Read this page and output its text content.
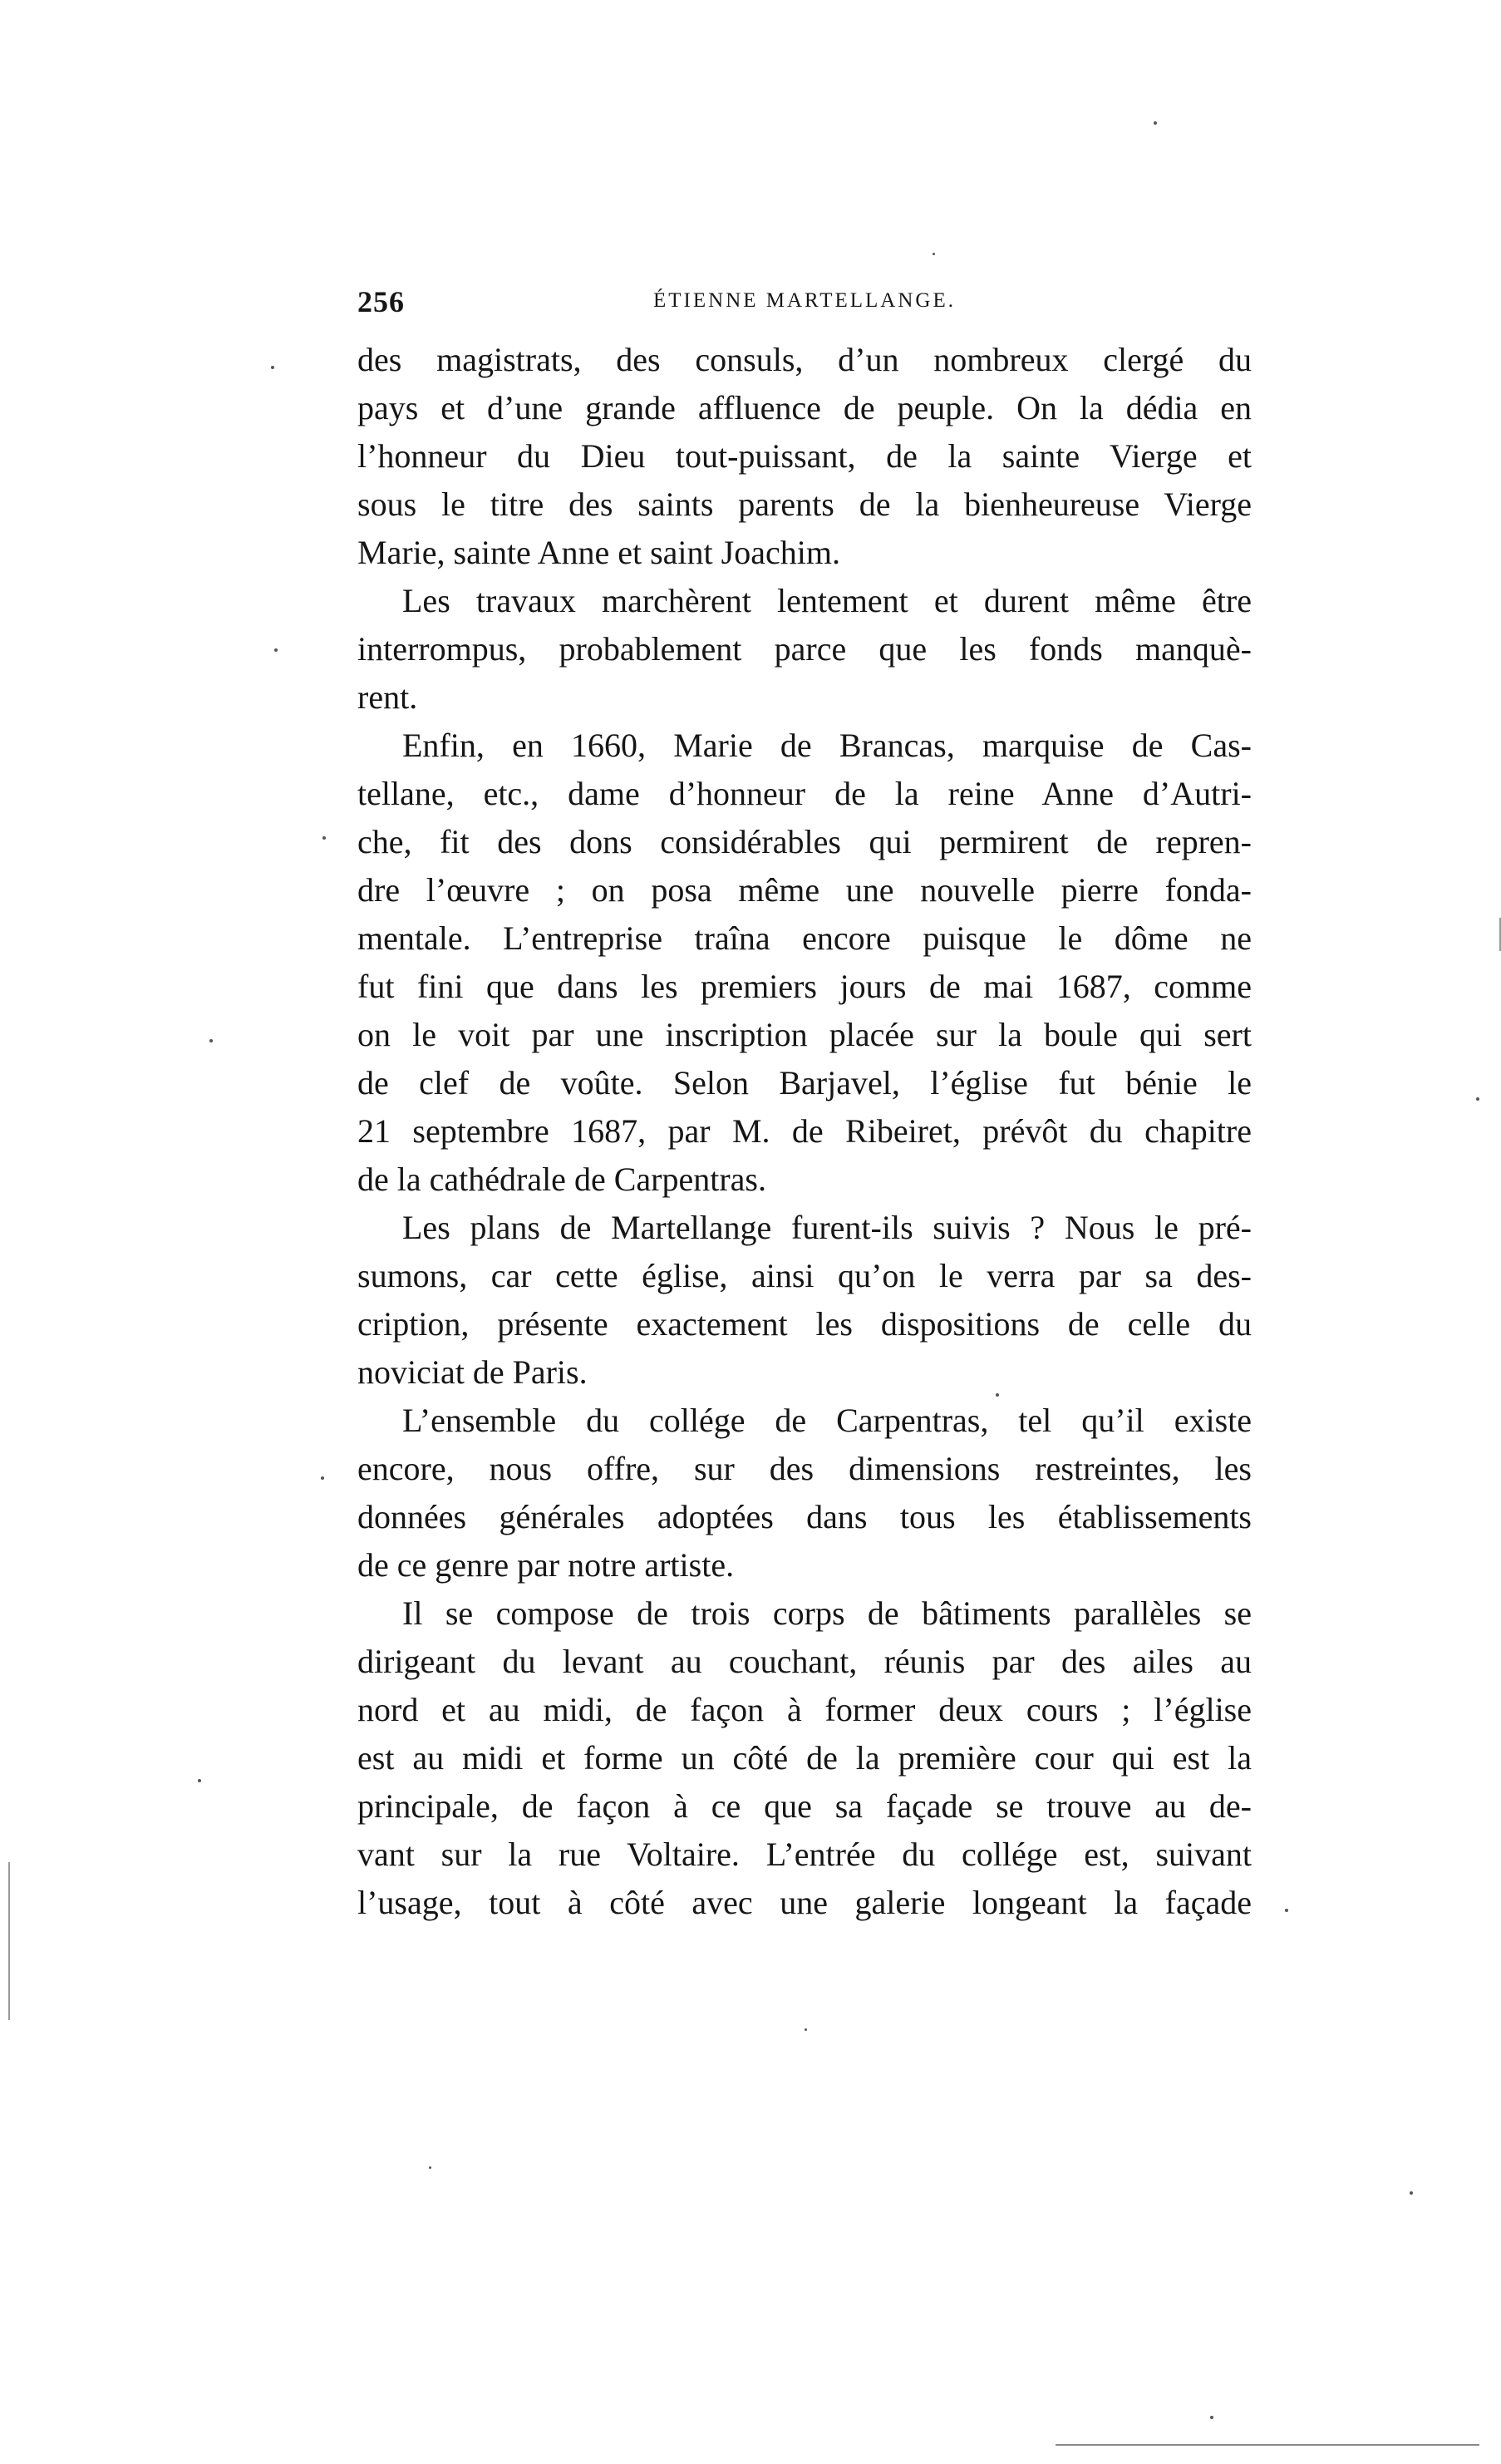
256	ÉTIENNE MARTELLANGE.
des magistrats, des consuls, d’un nombreux clergé du
pays et d’une grande affluence de peuple. On la dédia en
l’honneur du Dieu tout-puissant, de la sainte Vierge et
sous le titre des saints parents de la bienheureuse Vierge
Marie, sainte Anne et saint Joachim.
Les travaux marchèrent lentement et durent même être
interrompus, probablement parce que les fonds manquè-
rent.
Enfin, en 1660, Marie de Brancas, marquise de Cas-
tellane, etc., dame d’honneur de la reine Anne d’Autri-
che, fit des dons considérables qui permirent de repren-
dre l’œuvre ; on posa même une nouvelle pierre fonda-
mentale. L’entreprise traîna encore puisque le dôme ne
fut fini que dans les premiers jours de mai 1687, comme
on le voit par une inscription placée sur la boule qui sert
de clef de voûte. Selon Barjavel, l’église fut bénie le
21 septembre 1687, par M. de Ribeiret, prévôt du chapitre
de la cathédrale de Carpentras.
Les plans de Martellange furent-ils suivis ? Nous le pré-
sumons, car cette église, ainsi qu’on le verra par sa des-
cription, présente exactement les dispositions de celle du
noviciat de Paris.
L’ensemble du collége de Carpentras, tel qu’il existe
encore, nous offre, sur des dimensions restreintes, les
données générales adoptées dans tous les établissements
de ce genre par notre artiste.
Il se compose de trois corps de bâtiments parallèles se
dirigeant du levant au couchant, réunis par des ailes au
nord et au midi, de façon à former deux cours ; l’église
est au midi et forme un côté de la première cour qui est la
principale, de façon à ce que sa façade se trouve au de-
vant sur la rue Voltaire. L’entrée du collége est, suivant
l’usage, tout à côté avec une galerie longeant la façade
